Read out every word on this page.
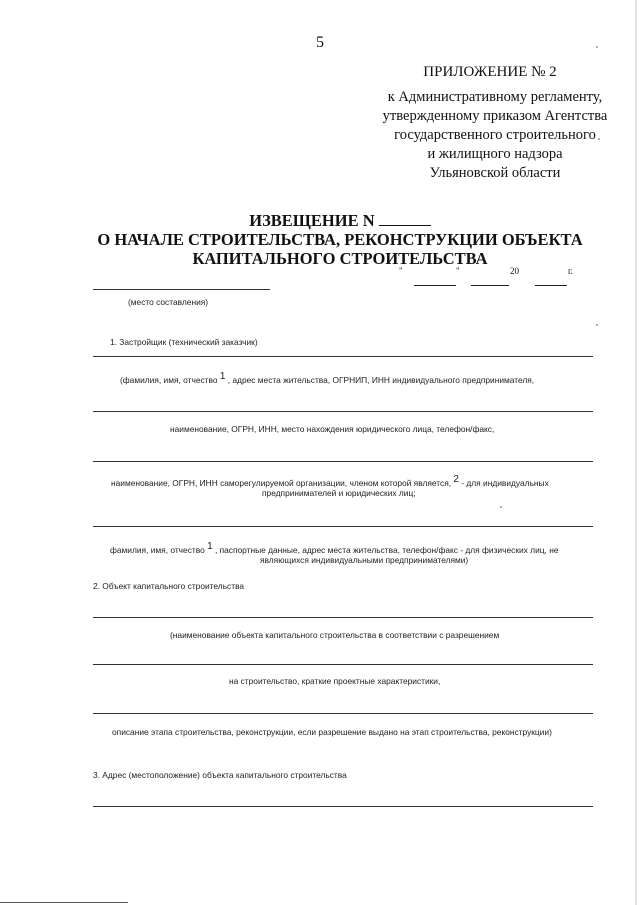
5
ПРИЛОЖЕНИЕ № 2
к Административному регламенту,
утвержденному приказом Агентства
государственного строительного
и жилищного надзора
Ульяновской области
ИЗВЕЩЕНИЕ N
О НАЧАЛЕ СТРОИТЕЛЬСТВА, РЕКОНСТРУКЦИИ ОБЪЕКТА
КАПИТАЛЬНОГО СТРОИТЕЛЬСТВА
"	"	20	г.
(место составления)
1. Застройщик (технический заказчик)
(фамилия, имя, отчество 1 , адрес места жительства, ОГРНИП, ИНН индивидуального предпринимателя,
наименование, ОГРН, ИНН, место нахождения юридического лица, телефон/факс,
наименование, ОГРН, ИНН саморегулируемой организации, членом которой является, 2 - для индивидуальных
предпринимателей и юридических лиц;
фамилия, имя, отчество 1 , паспортные данные, адрес места жительства, телефон/факс - для физических лиц, не
являющихся индивидуальными предпринимателями)
2. Объект капитального строительства
(наименование объекта капитального строительства в соответствии с разрешением
на строительство, краткие проектные характеристики,
описание этапа строительства, реконструкции, если разрешение выдано на этап строительства, реконструкции)
3. Адрес (местоположение) объекта капитального строительства
